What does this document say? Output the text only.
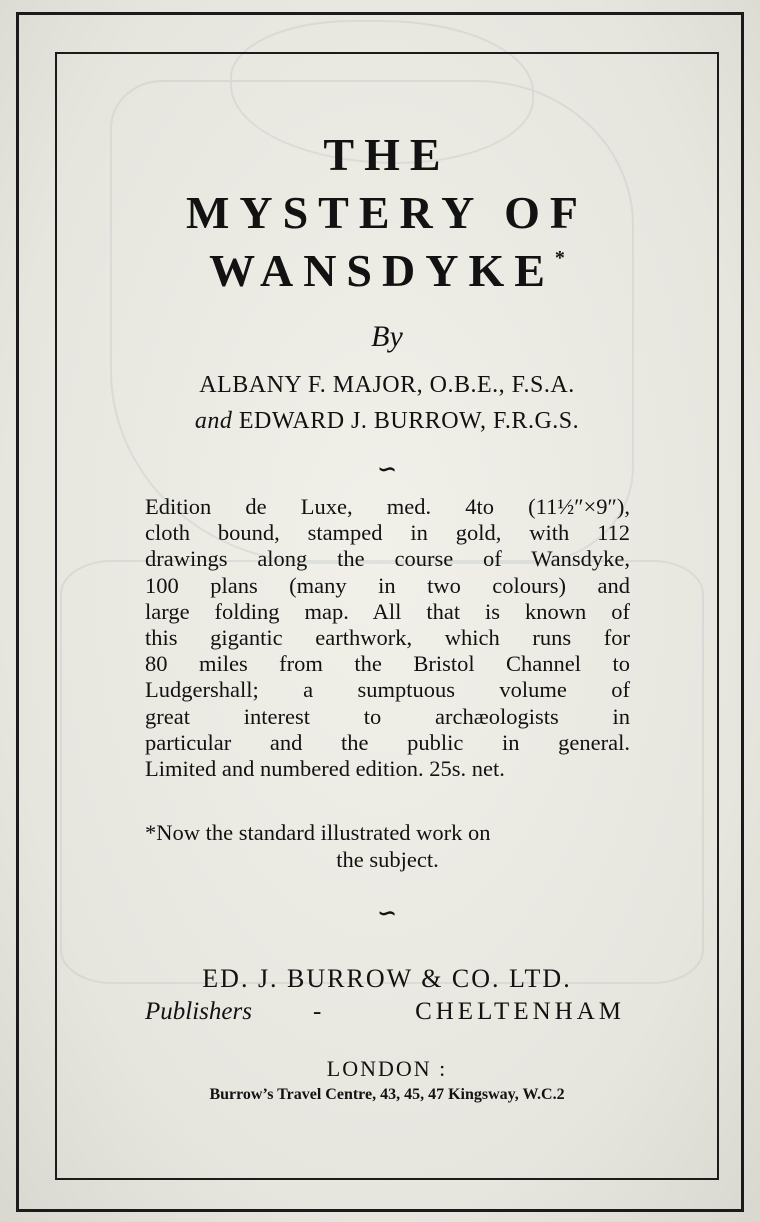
THE
MYSTERY OF
WANSDYKE*
By
ALBANY F. MAJOR, O.B.E., F.S.A.
and EDWARD J. BURROW, F.R.G.S.
∽

Edition de Luxe, med. 4to (11½″×9″),

cloth bound, stamped in gold, with 112

drawings along the course of Wansdyke,

100 plans (many in two colours) and

large folding map. All that is known of

this gigantic earthwork, which runs for

80 miles from the Bristol Channel to

Ludgershall; a sumptuous volume of

great interest to archæologists in

particular and the public in general.

Limited and numbered edition. 25s. net.

*Now the standard illustrated work on
the subject.
∽
ED. J. BURROW & CO. LTD.
Publishers -	CHELTENHAM
LONDON :
Burrow’s Travel Centre, 43, 45, 47 Kingsway, W.C.2
